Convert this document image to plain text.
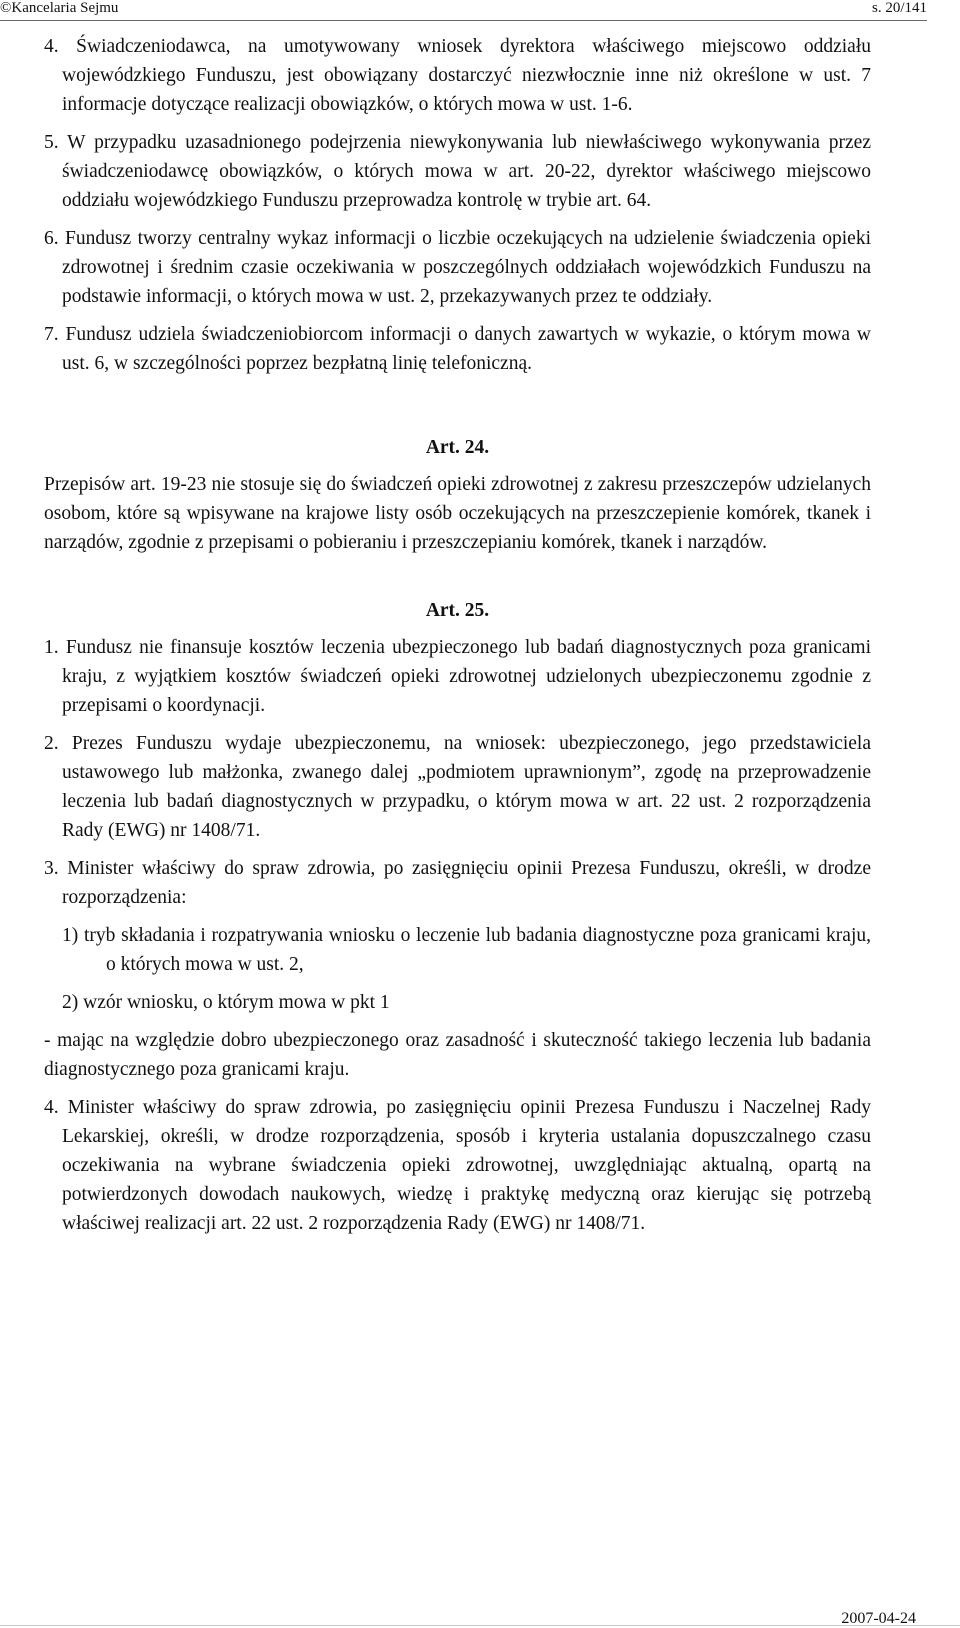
©Kancelaria Sejmu	s. 20/141

4. Świadczeniodawca, na umotywowany wniosek dyrektora właściwego miejscowo oddziału wojewódzkiego Funduszu, jest obowiązany dostarczyć niezwłocznie inne niż określone w ust. 7 informacje dotyczące realizacji obowiązków, o których mowa w ust. 1-6.

5. W przypadku uzasadnionego podejrzenia niewykonywania lub niewłaściwego wykonywania przez świadczeniodawcę obowiązków, o których mowa w art. 20-22, dyrektor właściwego miejscowo oddziału wojewódzkiego Funduszu przeprowadza kontrolę w trybie art. 64.

6. Fundusz tworzy centralny wykaz informacji o liczbie oczekujących na udzielenie świadczenia opieki zdrowotnej i średnim czasie oczekiwania w poszczególnych oddziałach wojewódzkich Funduszu na podstawie informacji, o których mowa w ust. 2, przekazywanych przez te oddziały.

7. Fundusz udziela świadczeniobiorcom informacji o danych zawartych w wykazie, o którym mowa w ust. 6, w szczególności poprzez bezpłatną linię telefoniczną.

Art. 24.

Przepisów art. 19-23 nie stosuje się do świadczeń opieki zdrowotnej z zakresu przeszczepów udzielanych osobom, które są wpisywane na krajowe listy osób oczekujących na przeszczepienie komórek, tkanek i narządów, zgodnie z przepisami o pobieraniu i przeszczepianiu komórek, tkanek i narządów.

Art. 25.

1. Fundusz nie finansuje kosztów leczenia ubezpieczonego lub badań diagnostycznych poza granicami kraju, z wyjątkiem kosztów świadczeń opieki zdrowotnej udzielonych ubezpieczonemu zgodnie z przepisami o koordynacji.

2. Prezes Funduszu wydaje ubezpieczonemu, na wniosek: ubezpieczonego, jego przedstawiciela ustawowego lub małżonka, zwanego dalej „podmiotem uprawnionym”, zgodę na przeprowadzenie leczenia lub badań diagnostycznych w przypadku, o którym mowa w art. 22 ust. 2 rozporządzenia Rady (EWG) nr 1408/71.

3. Minister właściwy do spraw zdrowia, po zasięgnięciu opinii Prezesa Funduszu, określi, w drodze rozporządzenia:

1) tryb składania i rozpatrywania wniosku o leczenie lub badania diagnostyczne poza granicami kraju, o których mowa w ust. 2,

2) wzór wniosku, o którym mowa w pkt 1

- mając na względzie dobro ubezpieczonego oraz zasadność i skuteczność takiego leczenia lub badania diagnostycznego poza granicami kraju.

4. Minister właściwy do spraw zdrowia, po zasięgnięciu opinii Prezesa Funduszu i Naczelnej Rady Lekarskiej, określi, w drodze rozporządzenia, sposób i kryteria ustalania dopuszczalnego czasu oczekiwania na wybrane świadczenia opieki zdrowotnej, uwzględniając aktualną, opartą na potwierdzonych dowodach naukowych, wiedzę i praktykę medyczną oraz kierując się potrzebą właściwej realizacji art. 22 ust. 2 rozporządzenia Rady (EWG) nr 1408/71.

2007-04-24
